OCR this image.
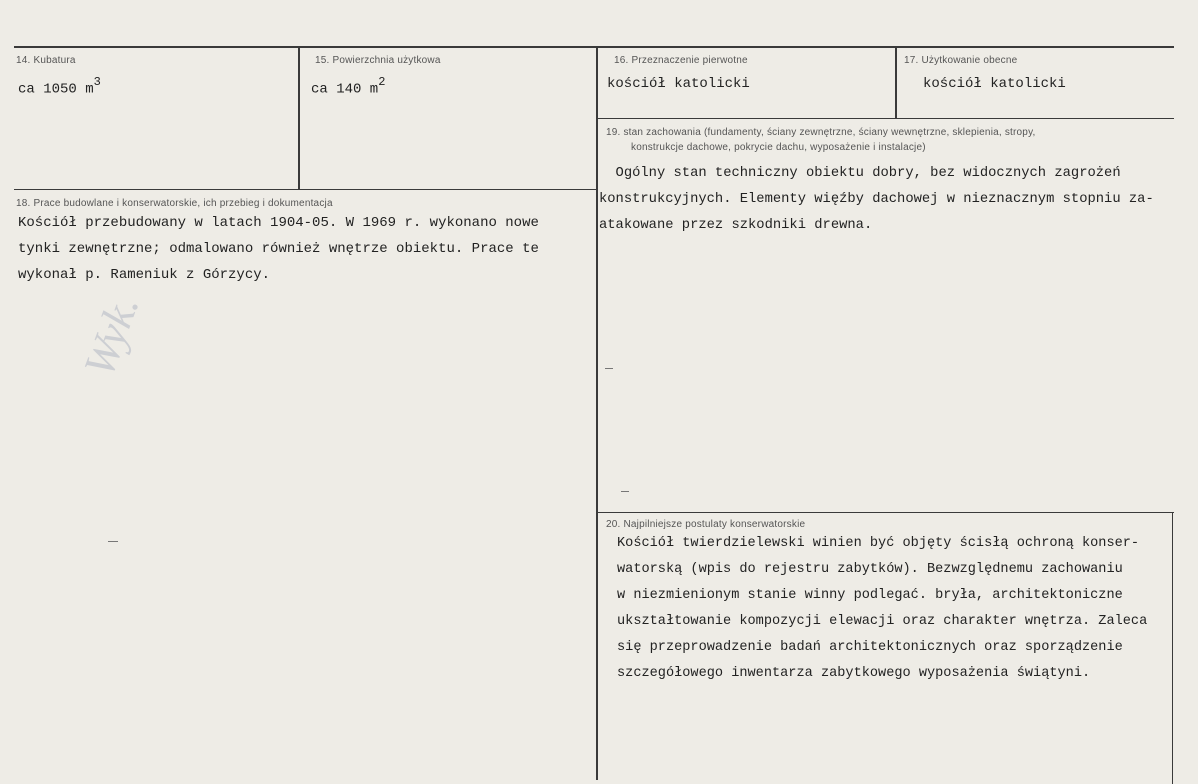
Wyk.
14. Kubatura
ca 1050 $m^3$
15. Powierzchnia użytkowa
ca 140 $m^2$
16. Przeznaczenie pierwotne
kościół katolicki
17. Użytkowanie obecne
kościół katolicki
18. Prace budowlane i konserwatorskie, ich przebieg i dokumentacja
Kościół przebudowany w latach 1904-05. W 1969 r. wykonano nowe
tynki zewnętrzne; odmalowano również wnętrze obiektu. Prace te
wykonał p. Rameniuk z Górzycy.
19. stan zachowania (fundamenty, ściany zewnętrzne, ściany wewnętrzne, sklepienia, stropy,
konstrukcje dachowe, pokrycie dachu, wyposażenie i instalacje)
Ogólny stan techniczny obiektu dobry, bez widocznych zagrożeń
konstrukcyjnych. Elementy więźby dachowej w nieznacznym stopniu za-
atakowane przez szkodniki drewna.
20. Najpilniejsze postulaty konserwatorskie
Kościół twierdzielewski winien być objęty ścisłą ochroną konser-
watorską (wpis do rejestru zabytków). Bezwzględnemu zachowaniu
w niezmienionym stanie winny podlegać. bryła, architektoniczne
ukształtowanie kompozycji elewacji oraz charakter wnętrza. Zaleca
się przeprowadzenie badań architektonicznych oraz sporządzenie
szczegółowego inwentarza zabytkowego wyposażenia świątyni.
